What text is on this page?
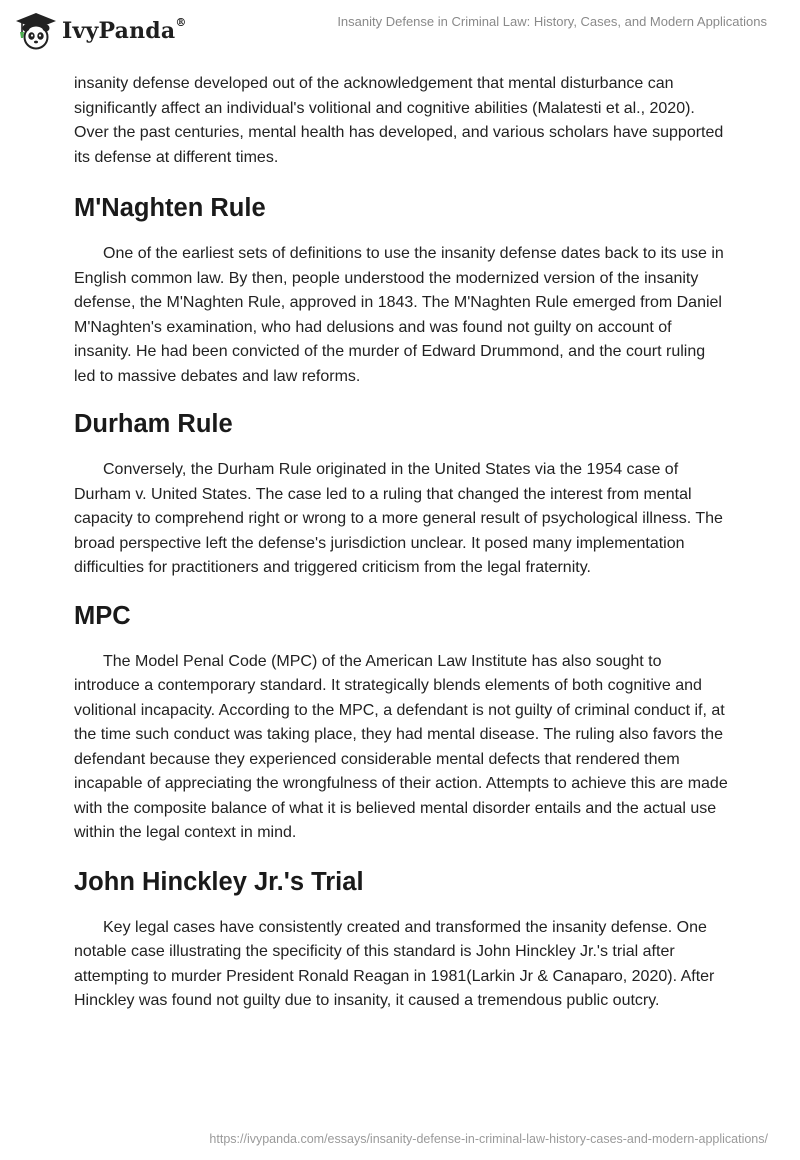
IvyPanda®	Insanity Defense in Criminal Law: History, Cases, and Modern Applications

insanity defense developed out of the acknowledgement that mental disturbance can significantly affect an individual's volitional and cognitive abilities (Malatesti et al., 2020). Over the past centuries, mental health has developed, and various scholars have supported its defense at different times.

M'Naghten Rule

One of the earliest sets of definitions to use the insanity defense dates back to its use in English common law. By then, people understood the modernized version of the insanity defense, the M'Naghten Rule, approved in 1843. The M'Naghten Rule emerged from Daniel M'Naghten's examination, who had delusions and was found not guilty on account of insanity. He had been convicted of the murder of Edward Drummond, and the court ruling led to massive debates and law reforms.

Durham Rule

Conversely, the Durham Rule originated in the United States via the 1954 case of Durham v. United States. The case led to a ruling that changed the interest from mental capacity to comprehend right or wrong to a more general result of psychological illness. The broad perspective left the defense's jurisdiction unclear. It posed many implementation difficulties for practitioners and triggered criticism from the legal fraternity.

MPC

The Model Penal Code (MPC) of the American Law Institute has also sought to introduce a contemporary standard. It strategically blends elements of both cognitive and volitional incapacity. According to the MPC, a defendant is not guilty of criminal conduct if, at the time such conduct was taking place, they had mental disease. The ruling also favors the defendant because they experienced considerable mental defects that rendered them incapable of appreciating the wrongfulness of their action. Attempts to achieve this are made with the composite balance of what it is believed mental disorder entails and the actual use within the legal context in mind.

John Hinckley Jr.'s Trial

Key legal cases have consistently created and transformed the insanity defense. One notable case illustrating the specificity of this standard is John Hinckley Jr.'s trial after attempting to murder President Ronald Reagan in 1981(Larkin Jr & Canaparo, 2020). After Hinckley was found not guilty due to insanity, it caused a tremendous public outcry.

https://ivypanda.com/essays/insanity-defense-in-criminal-law-history-cases-and-modern-applications/
